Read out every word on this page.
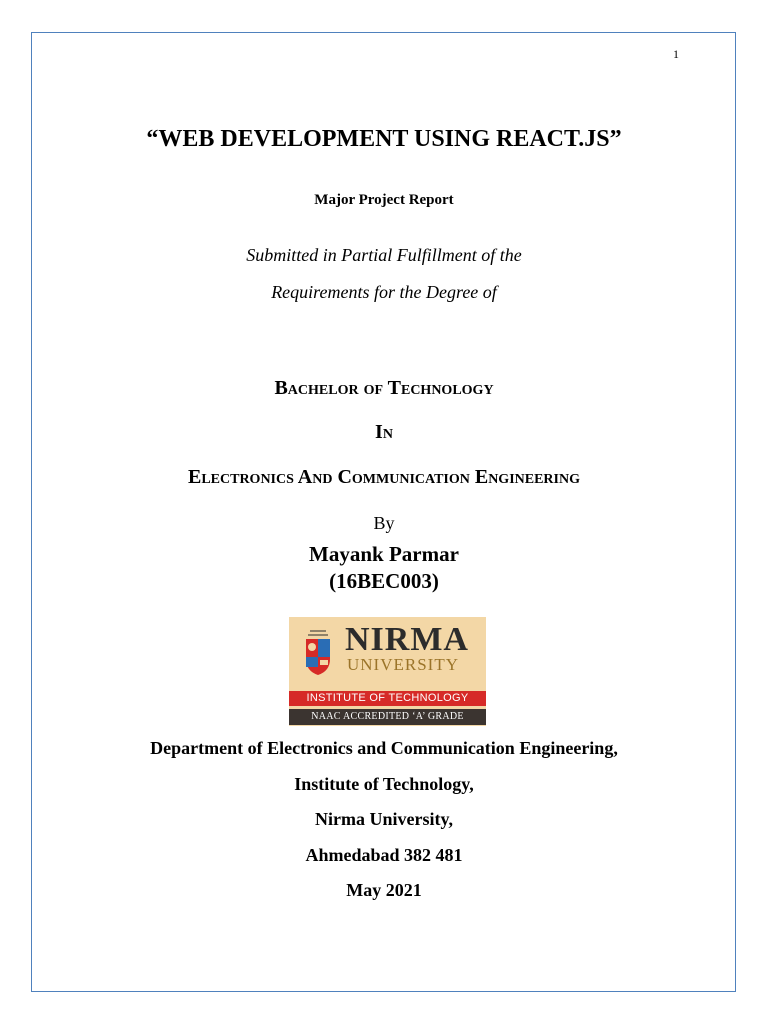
1
“WEB DEVELOPMENT USING REACT.JS”
Major Project Report
Submitted in Partial Fulfillment of the
Requirements for the Degree of
Bachelor of Technology
In
Electronics And Communication Engineering
By
Mayank Parmar
(16BEC003)
NIRMA
UNIVERSITY
INSTITUTE OF TECHNOLOGY
NAAC ACCREDITED ‘A’ GRADE
Department of Electronics and Communication Engineering,
Institute of Technology,
Nirma University,
Ahmedabad 382 481
May 2021
